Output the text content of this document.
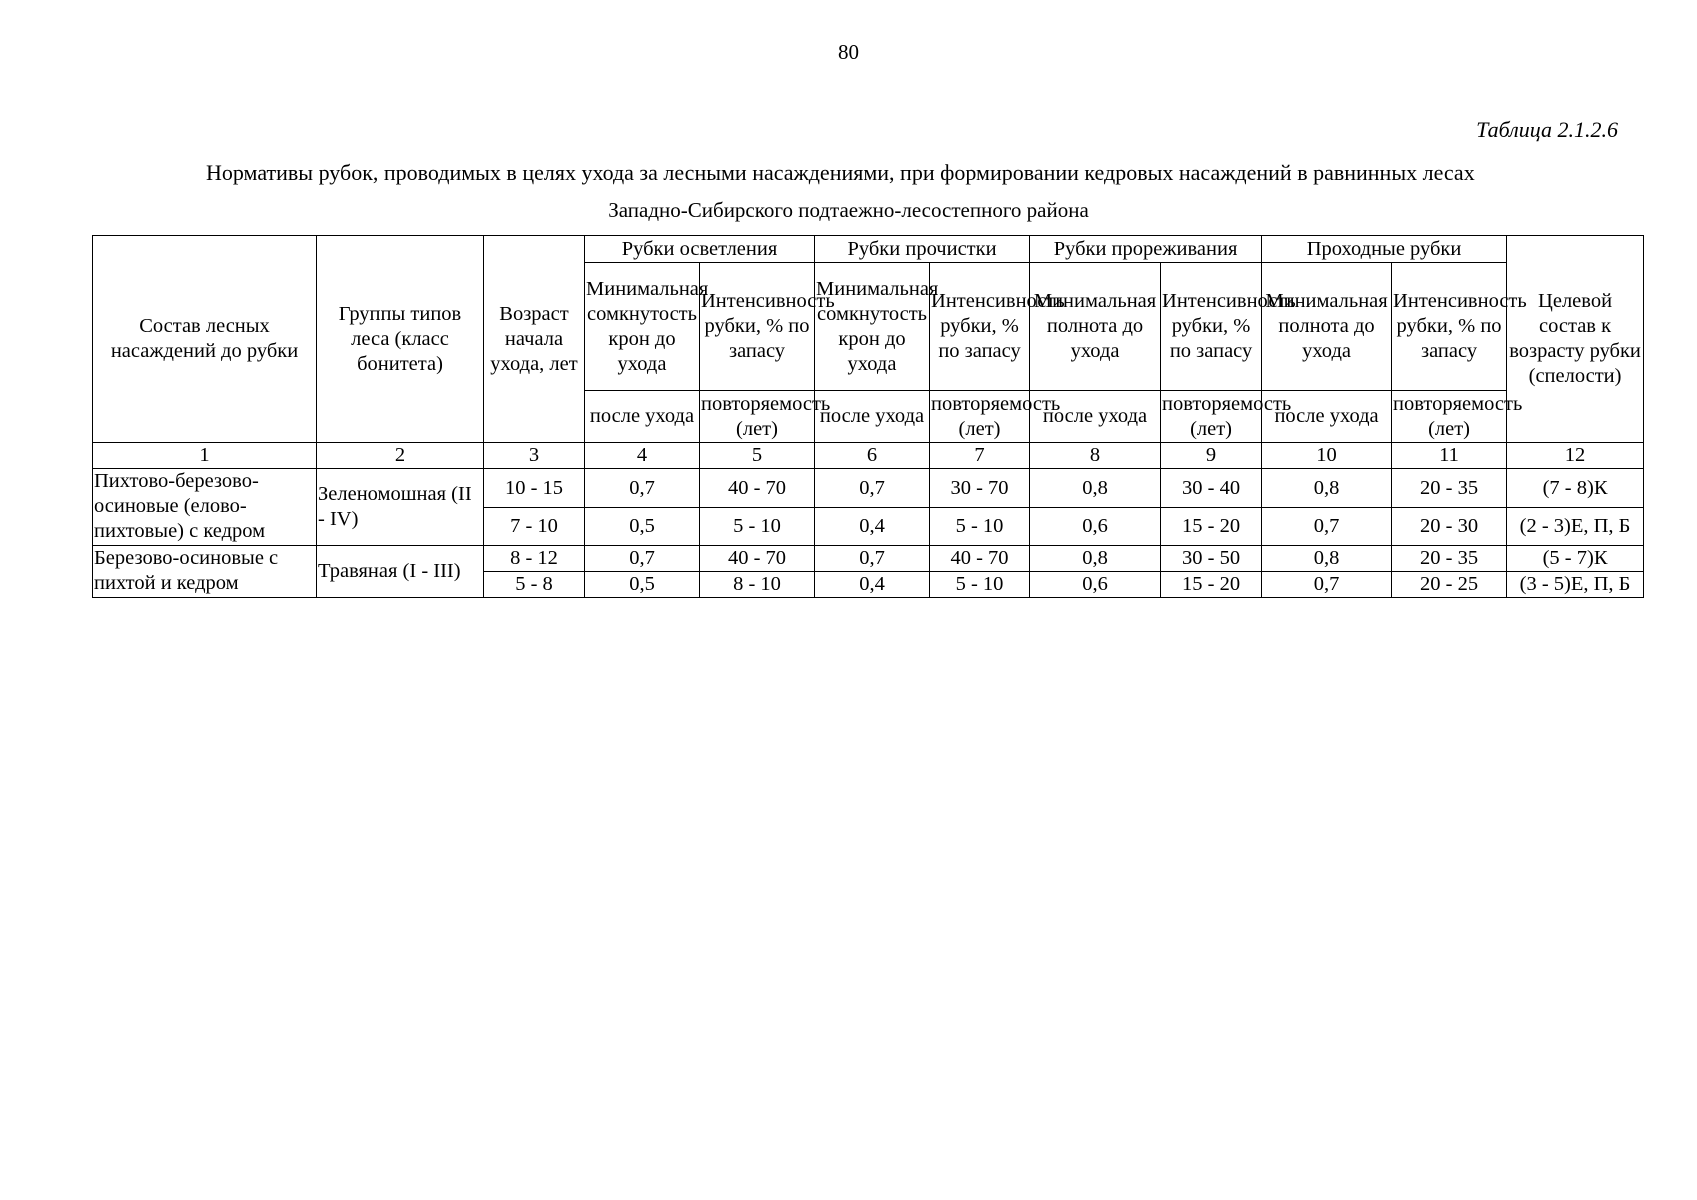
80
Таблица 2.1.2.6
Нормативы рубок, проводимых в целях ухода за лесными насаждениями, при формировании кедровых насаждений в равнинных лесах
Западно-Сибирского подтаежно-лесостепного района
Состав лесных насаждений до рубки	Группы типов леса (класс бонитета)	Возраст начала ухода, лет	Рубки осветления		Рубки прочистки		Рубки прореживания		Проходные рубки		Целевой состав к возрасту рубки (спелости)
			Минимальная сомкнутость крон до ухода	Интенсивность рубки, % по запасу	Минимальная сомкнутость крон до ухода	Интенсивность рубки, % по запасу	Минимальная полнота до ухода	Интенсивность рубки, % по запасу	Минимальная полнота до ухода	Интенсивность рубки, % по запасу	
			после ухода	повторяемость (лет)	после ухода	повторяемость (лет)	после ухода	повторяемость (лет)	после ухода	повторяемость (лет)	
1	2	3	4	5	6	7	8	9	10	11	12
Пихтово-березово-осиновые (елово-пихтовые) с кедром	Зеленомошная (II - IV)	10 - 15	0,7	40 - 70	0,7	30 - 70	0,8	30 - 40	0,8	20 - 35	(7 - 8)К
		7 - 10	0,5	5 - 10	0,4	5 - 10	0,6	15 - 20	0,7	20 - 30	(2 - 3)Е, П, Б
Березово-осиновые с пихтой и кедром	Травяная (I - III)	8 - 12	0,7	40 - 70	0,7	40 - 70	0,8	30 - 50	0,8	20 - 35	(5 - 7)К
		5 - 8	0,5	8 - 10	0,4	5 - 10	0,6	15 - 20	0,7	20 - 25	(3 - 5)Е, П, Б
